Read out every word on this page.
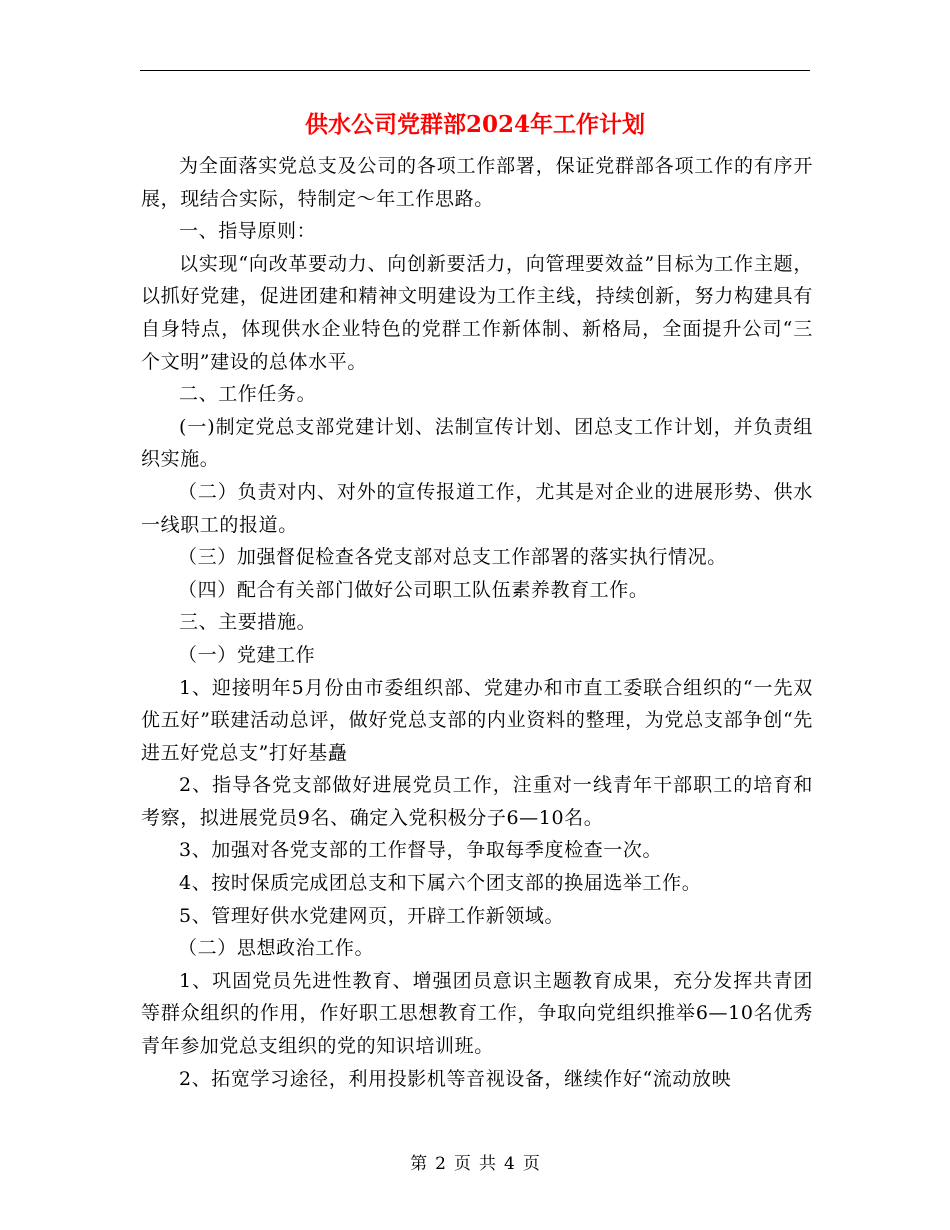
供水公司党群部2024年工作计划

为全面落实党总支及公司的各项工作部署，保证党群部各项工作的有序开展，现结合实际，特制定～年工作思路。

一、指导原则：

以实现“向改革要动力、向创新要活力，向管理要效益”目标为工作主题，以抓好党建，促进团建和精神文明建设为工作主线，持续创新，努力构建具有自身特点，体现供水企业特色的党群工作新体制、新格局，全面提升公司“三个文明”建设的总体水平。

二、工作任务。

(一)制定党总支部党建计划、法制宣传计划、团总支工作计划，并负责组织实施。

（二）负责对内、对外的宣传报道工作，尤其是对企业的进展形势、供水一线职工的报道。

（三）加强督促检查各党支部对总支工作部署的落实执行情况。

（四）配合有关部门做好公司职工队伍素养教育工作。

三、主要措施。

（一）党建工作

1、迎接明年5月份由市委组织部、党建办和市直工委联合组织的“一先双优五好”联建活动总评，做好党总支部的内业资料的整理，为党总支部争创“先进五好党总支”打好基矗

2、指导各党支部做好进展党员工作，注重对一线青年干部职工的培育和考察，拟进展党员9名、确定入党积极分子6—10名。

3、加强对各党支部的工作督导，争取每季度检查一次。

4、按时保质完成团总支和下属六个团支部的换届选举工作。

5、管理好供水党建网页，开辟工作新领域。

（二）思想政治工作。

1、巩固党员先进性教育、增强团员意识主题教育成果，充分发挥共青团等群众组织的作用，作好职工思想教育工作，争取向党组织推举6—10名优秀青年参加党总支组织的党的知识培训班。

2、拓宽学习途径，利用投影机等音视设备，继续作好“流动放映

第 2 页 共 4 页
